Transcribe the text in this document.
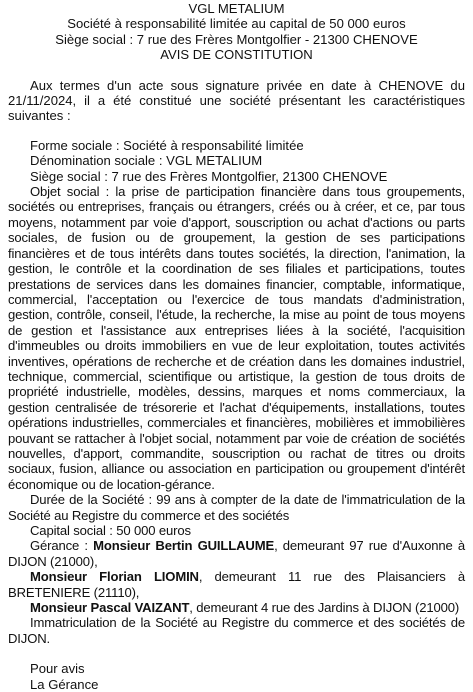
VGL METALIUM
Société à responsabilité limitée au capital de 50 000 euros
Siège social : 7 rue des Frères Montgolfier - 21300 CHENOVE
AVIS DE CONSTITUTION

Aux termes d'un acte sous signature privée en date à CHENOVE du 21/11/2024, il a été constitué une société présentant les caractéristiques suivantes :

Forme sociale : Société à responsabilité limitée

Dénomination sociale : VGL METALIUM

Siège social : 7 rue des Frères Montgolfier, 21300 CHENOVE

Objet social : la prise de participation financière dans tous groupements, sociétés ou entreprises, français ou étrangers, créés ou à créer, et ce, par tous moyens, notamment par voie d'apport, souscription ou achat d'actions ou parts sociales, de fusion ou de groupement, la gestion de ses participations financières et de tous intérêts dans toutes sociétés, la direction, l'animation, la gestion, le contrôle et la coordination de ses filiales et participations, toutes prestations de services dans les domaines financier, comptable, informatique, commercial, l'acceptation ou l'exercice de tous mandats d'administration, gestion, contrôle, conseil, l'étude, la recherche, la mise au point de tous moyens de gestion et l'assistance aux entreprises liées à la société, l'acquisition d'immeubles ou droits immobiliers en vue de leur exploitation, toutes activités inventives, opérations de recherche et de création dans les domaines industriel, technique, commercial, scientifique ou artistique, la gestion de tous droits de propriété industrielle, modèles, dessins, marques et noms commerciaux, la gestion centralisée de trésorerie et l'achat d'équipements, installations, toutes opérations industrielles, commerciales et financières, mobilières et immobilières pouvant se rattacher à l'objet social, notamment par voie de création de sociétés nouvelles, d'apport, commandite, souscription ou rachat de titres ou droits sociaux, fusion, alliance ou association en participation ou groupement d'intérêt économique ou de location-gérance.

Durée de la Société : 99 ans à compter de la date de l'immatriculation de la Société au Registre du commerce et des sociétés

Capital social : 50 000 euros

Gérance : Monsieur Bertin GUILLAUME, demeurant 97 rue d'Auxonne à DIJON (21000),

Monsieur Florian LIOMIN, demeurant 11 rue des Plaisanciers à BRETENIERE (21110),

Monsieur Pascal VAIZANT, demeurant 4 rue des Jardins à DIJON (21000)

Immatriculation de la Société au Registre du commerce et des sociétés de DIJON.

Pour avis

La Gérance
